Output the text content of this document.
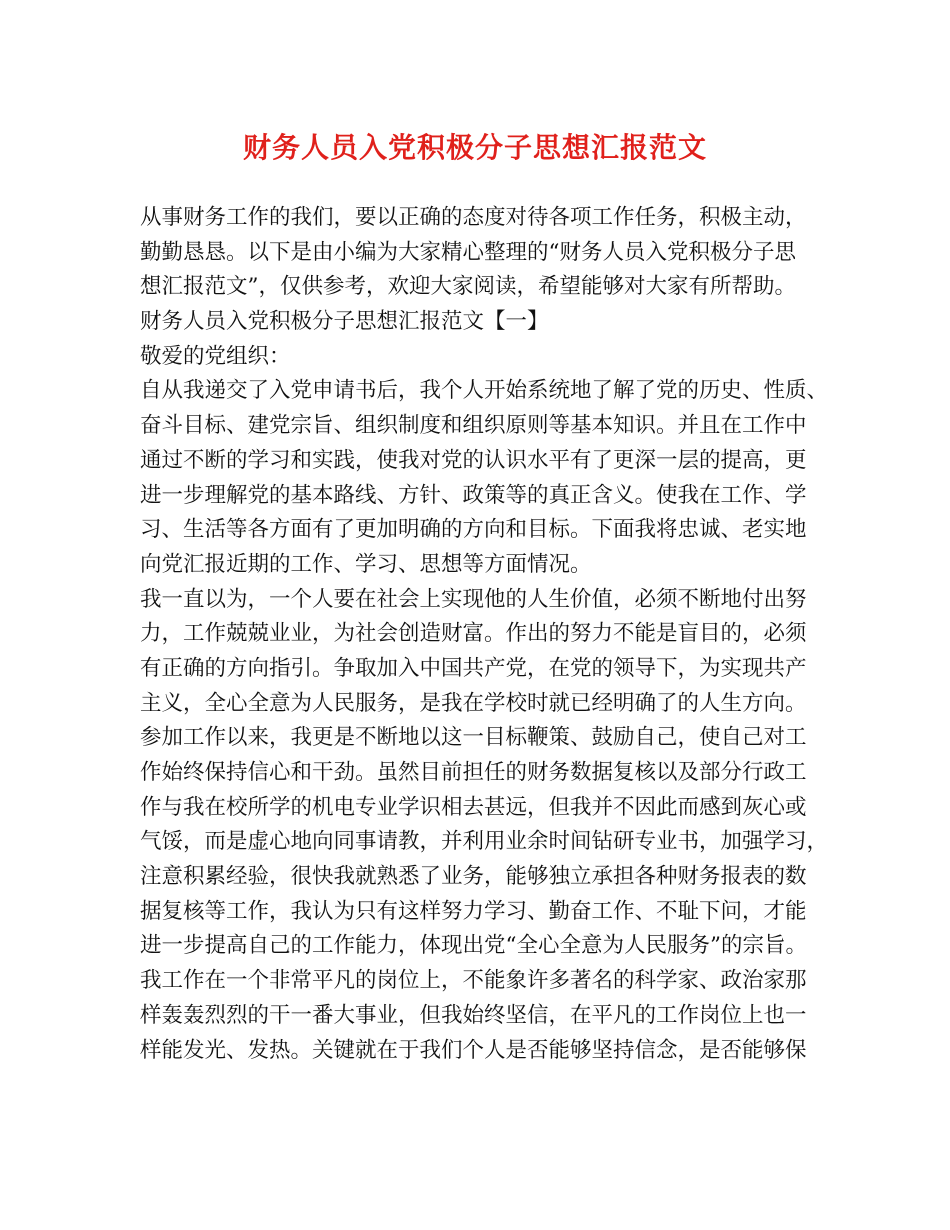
财务人员入党积极分子思想汇报范文

从事财务工作的我们，要以正确的态度对待各项工作任务，积极主动，

勤勤恳恳。以下是由小编为大家精心整理的“财务人员入党积极分子思

想汇报范文”，仅供参考，欢迎大家阅读，希望能够对大家有所帮助。

财务人员入党积极分子思想汇报范文【一】

敬爱的党组织：

自从我递交了入党申请书后，我个人开始系统地了解了党的历史、性质、

奋斗目标、建党宗旨、组织制度和组织原则等基本知识。并且在工作中

通过不断的学习和实践，使我对党的认识水平有了更深一层的提高，更

进一步理解党的基本路线、方针、政策等的真正含义。使我在工作、学

习、生活等各方面有了更加明确的方向和目标。下面我将忠诚、老实地

向党汇报近期的工作、学习、思想等方面情况。

我一直以为，一个人要在社会上实现他的人生价值，必须不断地付出努

力，工作兢兢业业，为社会创造财富。作出的努力不能是盲目的，必须

有正确的方向指引。争取加入中国共产党，在党的领导下，为实现共产

主义，全心全意为人民服务，是我在学校时就已经明确了的人生方向。

参加工作以来，我更是不断地以这一目标鞭策、鼓励自己，使自己对工

作始终保持信心和干劲。虽然目前担任的财务数据复核以及部分行政工

作与我在校所学的机电专业学识相去甚远，但我并不因此而感到灰心或

气馁，而是虚心地向同事请教，并利用业余时间钻研专业书，加强学习，

注意积累经验，很快我就熟悉了业务，能够独立承担各种财务报表的数

据复核等工作，我认为只有这样努力学习、勤奋工作、不耻下问，才能

进一步提高自己的工作能力，体现出党“全心全意为人民服务”的宗旨。

我工作在一个非常平凡的岗位上，不能象许多著名的科学家、政治家那

样轰轰烈烈的干一番大事业，但我始终坚信，在平凡的工作岗位上也一

样能发光、发热。关键就在于我们个人是否能够坚持信念，是否能够保
